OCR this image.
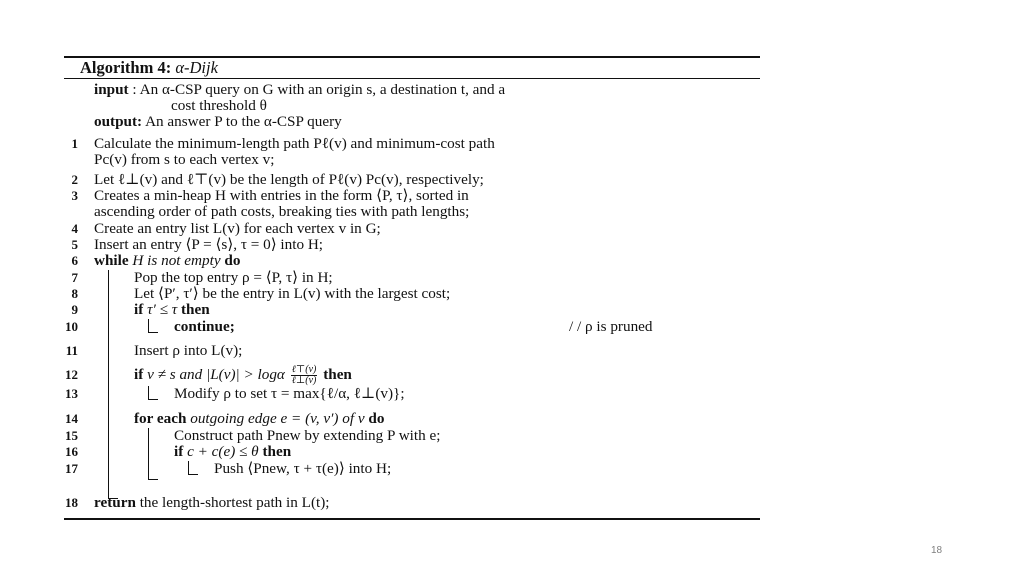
Algorithm 4: α-Dijk
input : An α-CSP query on G with an origin s, a destination t, and a
cost threshold θ
output: An answer P to the α-CSP query
1 Calculate the minimum-length path Pℓ(v) and minimum-cost path
Pc(v) from s to each vertex v;
2 Let ℓ⊥(v) and ℓ⊤(v) be the length of Pℓ(v) Pc(v), respectively;
3 Creates a min-heap H with entries in the form ⟨P, τ⟩, sorted in
ascending order of path costs, breaking ties with path lengths;
4 Create an entry list L(v) for each vertex v in G;
5 Insert an entry ⟨P = ⟨s⟩, τ = 0⟩ into H;
6 while H is not empty do
7	Pop the top entry ρ = ⟨P, τ⟩ in H;
8	Let ⟨P′, τ′⟩ be the entry in L(v) with the largest cost;
9	if τ′ ≤ τ then
10	continue;	/ / ρ is pruned
11	Insert ρ into L(v);
12	if v ≠ s and |L(v)| > logα $\frac{\text{ℓ⊤(v)}}{\text{ℓ⊥(v)}}$ then
13	Modify ρ to set τ = max{ℓ/α, ℓ⊥(v)};
14	for each outgoing edge e = (v, v′) of v do
15	Construct path Pnew by extending P with e;
16	if c + c(e) ≤ θ then
17	Push ⟨Pnew, τ + τ(e)⟩ into H;
18 return the length-shortest path in L(t);
18
